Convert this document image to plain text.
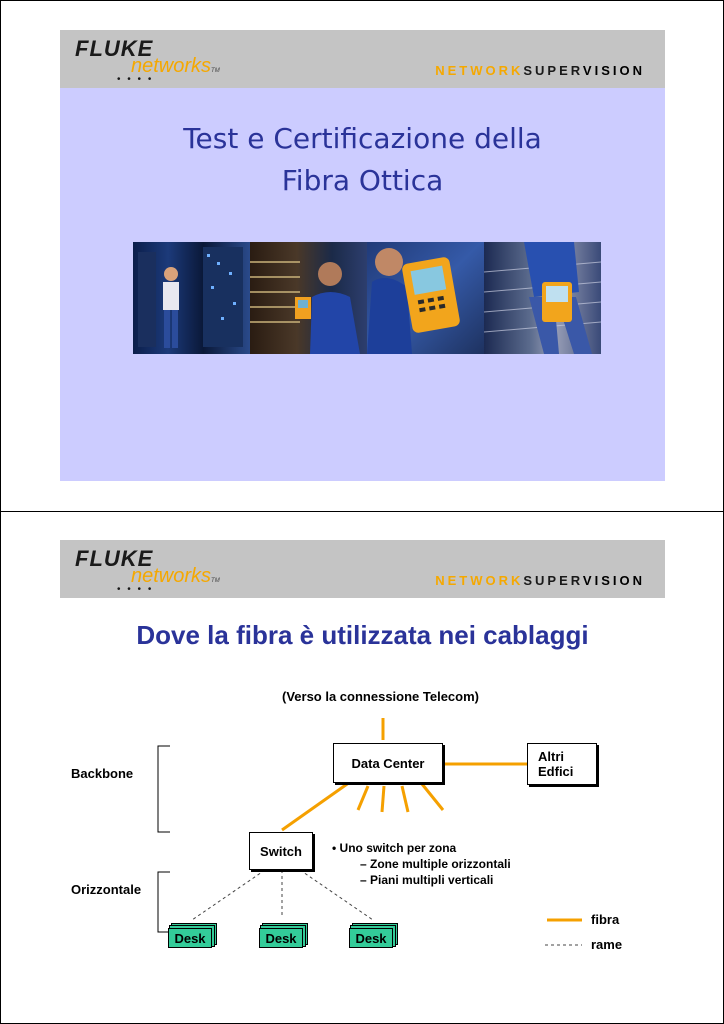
FLUKE
networksTM
• • • •
NETWORKSUPERVISION
Test e Certificazione della
Fibra Ottica
FLUKE
networksTM
• • • •
NETWORKSUPERVISION
Dove la fibra è utilizzata nei cablaggi
(Verso la connessione Telecom)
Data Center	Altri
Edfici
Backbone
Orizzontale
Switch	• Uno switch per zona
– Zone multiple orizzontali
– Piani multipli verticali
Desk	Desk	Desk
fibra
rame
